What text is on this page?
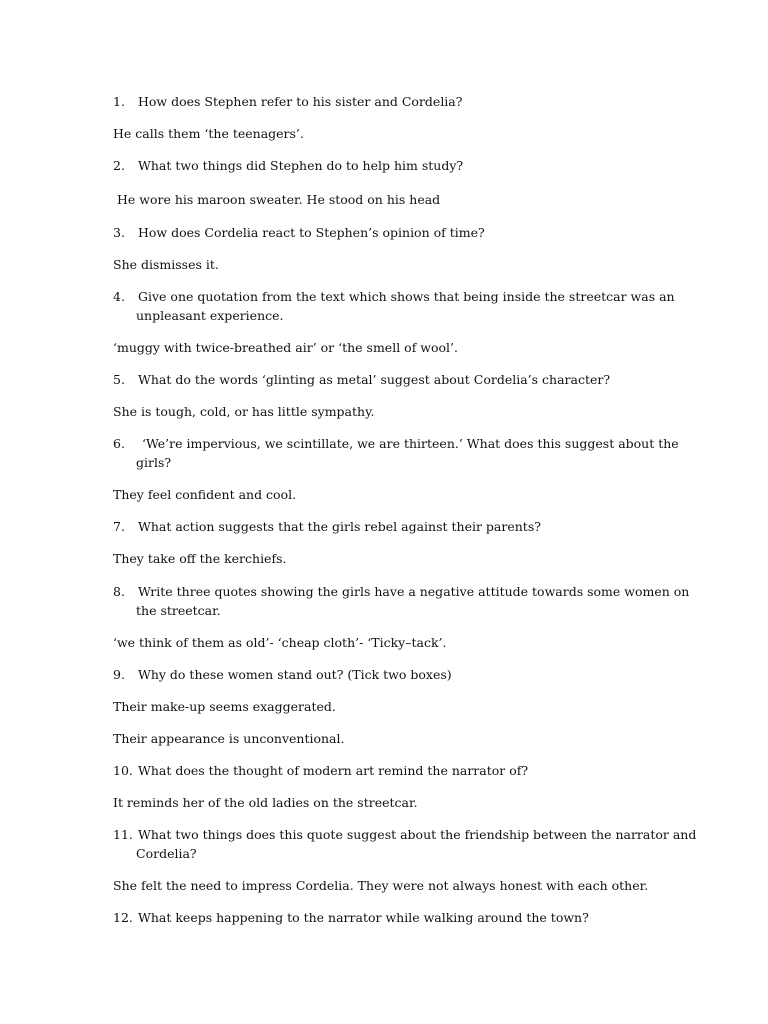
1.	How does Stephen refer to his sister and Cordelia?
He calls them ‘the teenagers’.
2.	What two things did Stephen do to help him study?
He wore his maroon sweater. He stood on his head
3.	How does Cordelia react to Stephen’s opinion of time?
She dismisses it.
4.	Give one quotation from the text which shows that being inside the streetcar was an
unpleasant experience.
‘muggy with twice-breathed air’ or ‘the smell of wool’.
5.	What do the words ‘glinting as metal’ suggest about Cordelia’s character?
She is tough, cold, or has little sympathy.
6.	‘We’re impervious, we scintillate, we are thirteen.’ What does this suggest about the
girls?
They feel confident and cool.
7.	What action suggests that the girls rebel against their parents?
They take off the kerchiefs.
8.	Write three quotes showing the girls have a negative attitude towards some women on
the streetcar.
‘we think of them as old’- ‘cheap cloth’- ‘Ticky–tack’.
9.	Why do these women stand out? (Tick two boxes)
Their make-up seems exaggerated.
Their appearance is unconventional.
10. What does the thought of modern art remind the narrator of?
It reminds her of the old ladies on the streetcar.
11. What two things does this quote suggest about the friendship between the narrator and
Cordelia?
She felt the need to impress Cordelia. They were not always honest with each other.
12. What keeps happening to the narrator while walking around the town?
